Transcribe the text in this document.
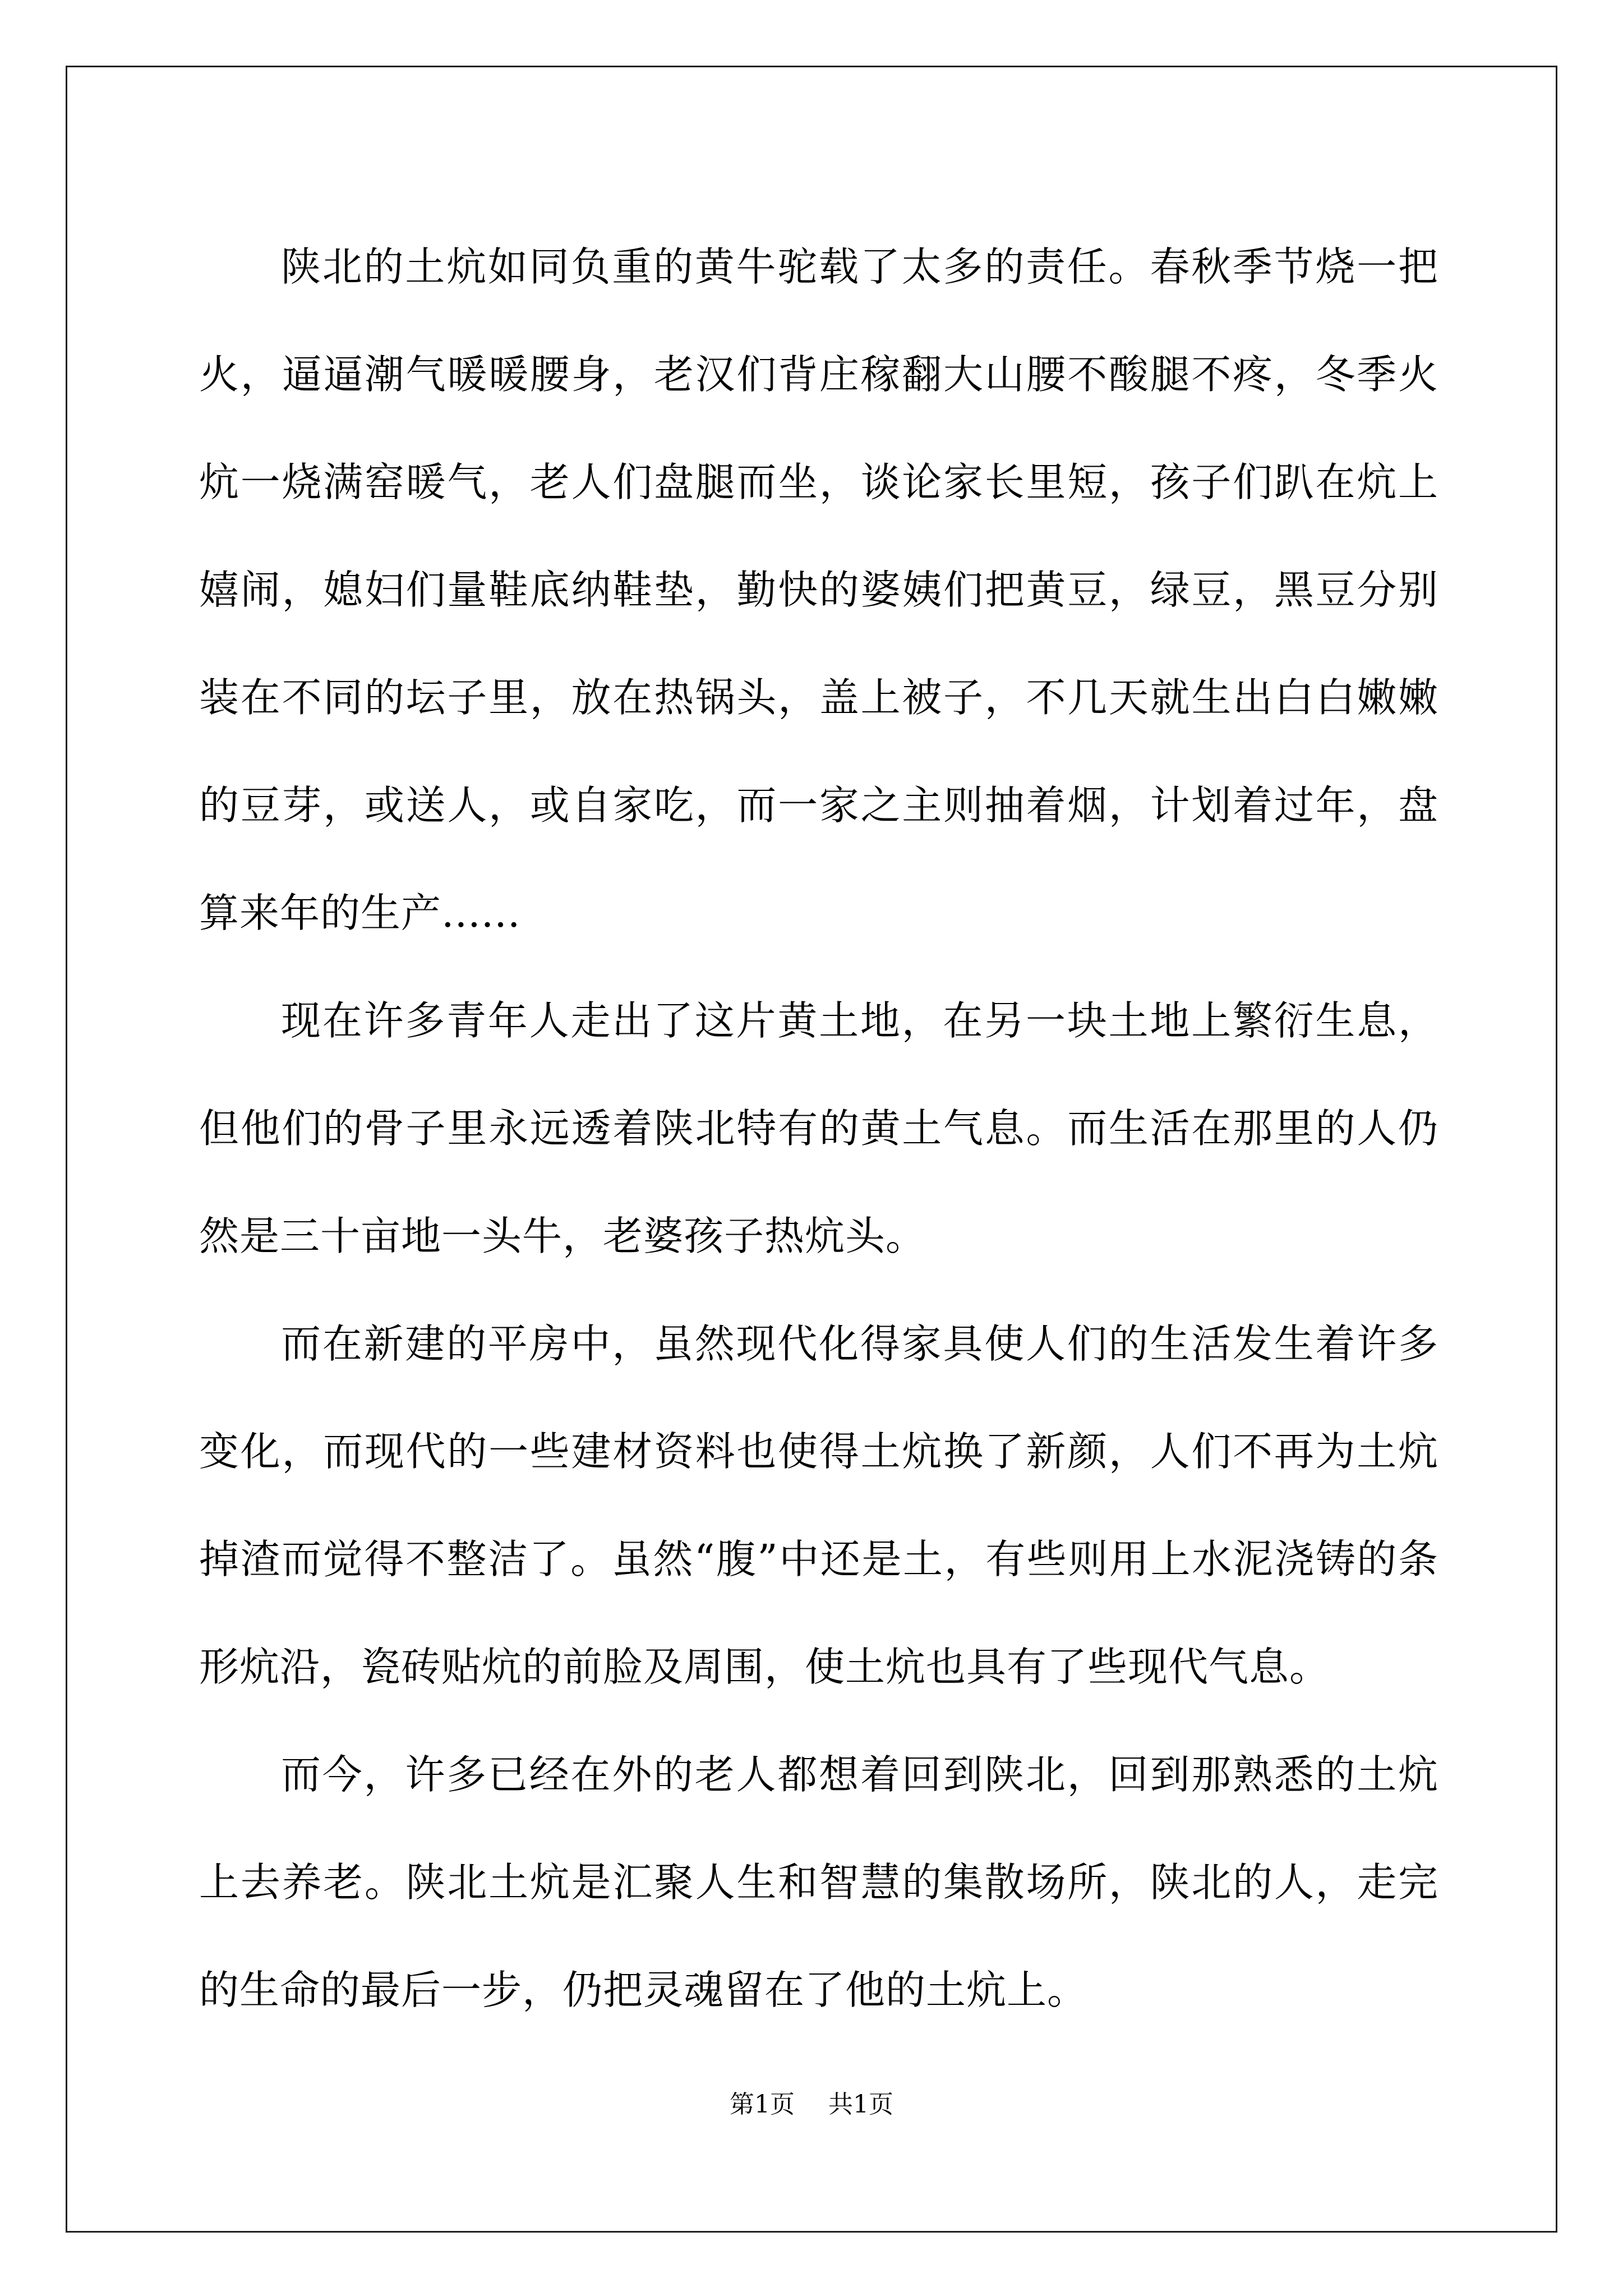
陕北的土炕如同负重的黄牛驼载了太多的责任。春秋季节烧一把火，逼逼潮气暖暖腰身，老汉们背庄稼翻大山腰不酸腿不疼，冬季火炕一烧满窑暖气，老人们盘腿而坐，谈论家长里短，孩子们趴在炕上嬉闹，媳妇们量鞋底纳鞋垫，勤快的婆姨们把黄豆，绿豆，黑豆分别装在不同的坛子里，放在热锅头，盖上被子，不几天就生出白白嫩嫩的豆芽，或送人，或自家吃，而一家之主则抽着烟，计划着过年，盘算来年的生产......

现在许多青年人走出了这片黄土地，在另一块土地上繁衍生息，但他们的骨子里永远透着陕北特有的黄土气息。而生活在那里的人仍然是三十亩地一头牛，老婆孩子热炕头。

而在新建的平房中，虽然现代化得家具使人们的生活发生着许多变化，而现代的一些建材资料也使得土炕换了新颜，人们不再为土炕掉渣而觉得不整洁了。虽然“腹”中还是土，有些则用上水泥浇铸的条形炕沿，瓷砖贴炕的前脸及周围，使土炕也具有了些现代气息。

而今，许多已经在外的老人都想着回到陕北，回到那熟悉的土炕上去养老。陕北土炕是汇聚人生和智慧的集散场所，陕北的人，走完的生命的最后一步，仍把灵魂留在了他的土炕上。

第1页 共1页
